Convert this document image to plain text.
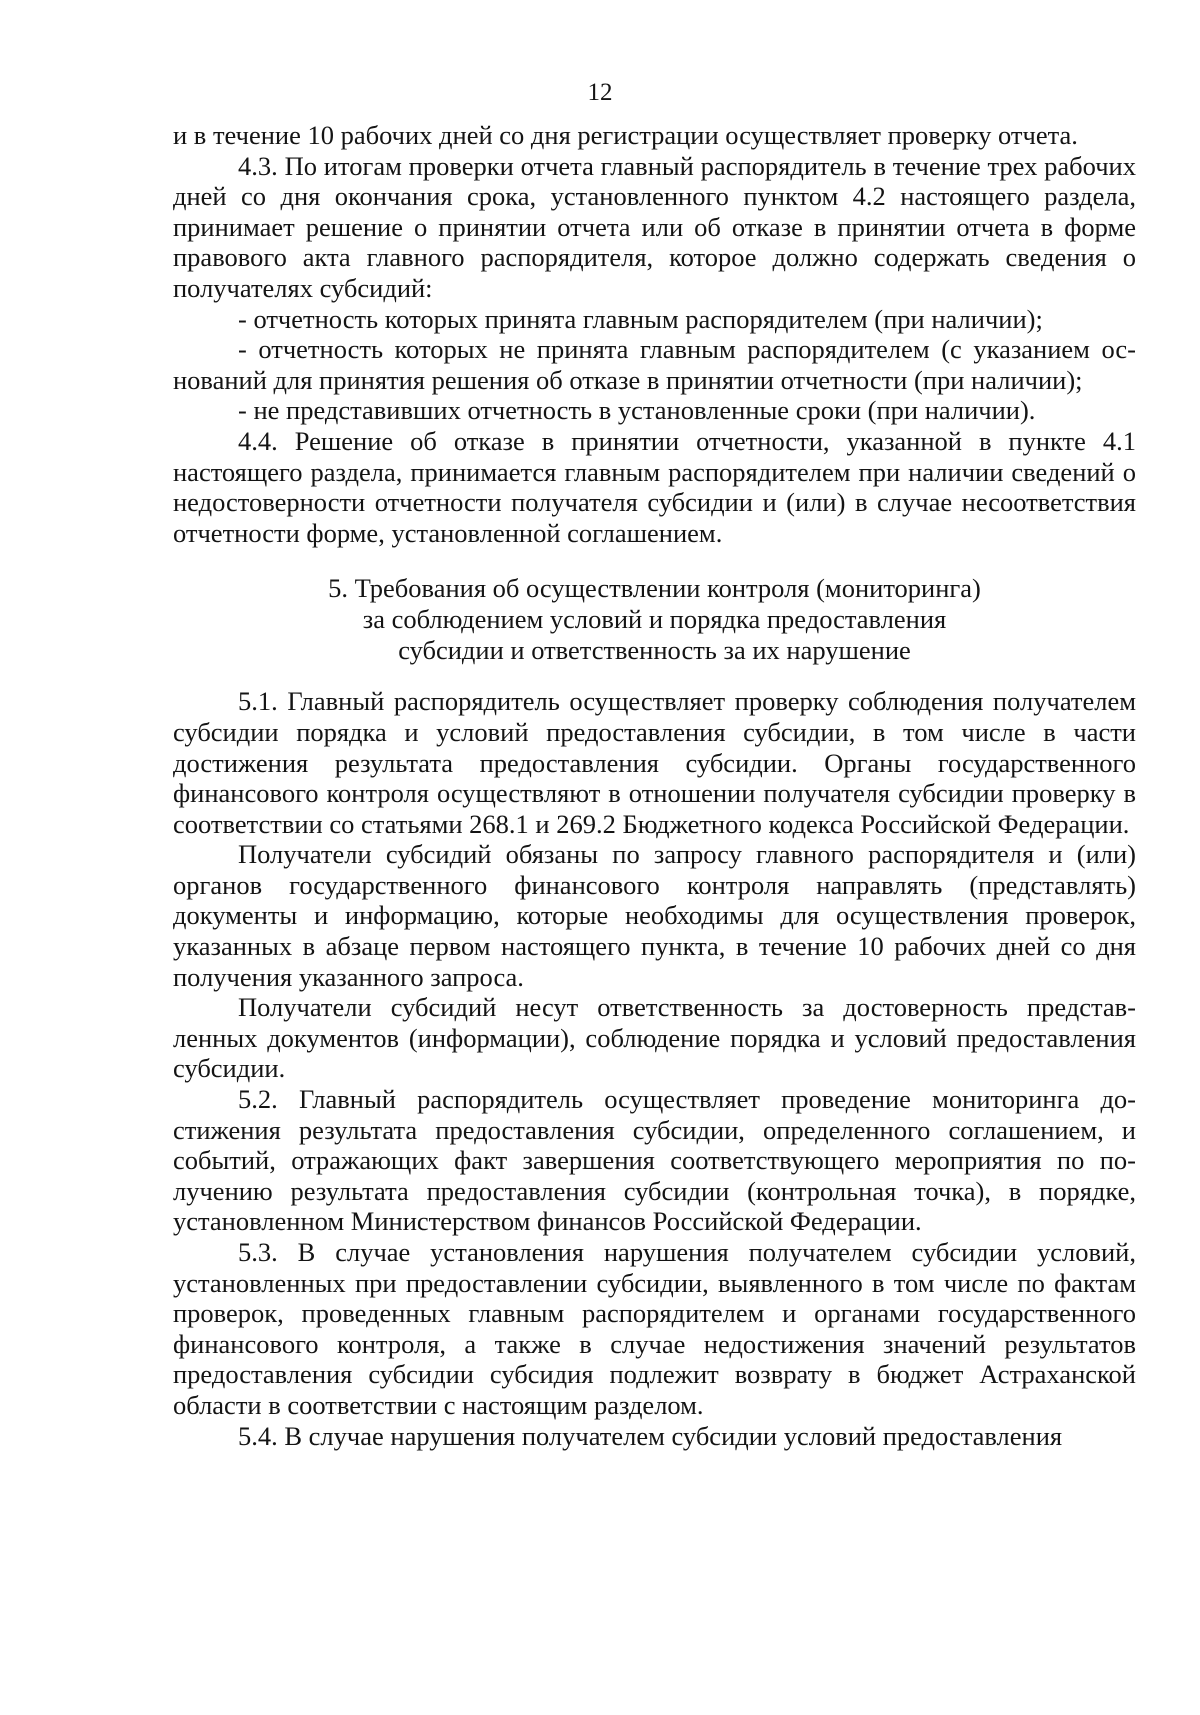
12

и в течение 10 рабочих дней со дня регистрации осуществляет проверку отчета.

4.3. По итогам проверки отчета главный распорядитель в течение трех рабочих дней со дня окончания срока, установленного пунктом 4.2 настоящего раздела, принимает решение о принятии отчета или об отказе в принятии отчета в форме правового акта главного распорядителя, которое должно содержать сведения о получателях субсидий:

- отчетность которых принята главным распорядителем (при наличии);

- отчетность которых не принята главным распорядителем (с указанием оснований для принятия решения об отказе в принятии отчетности (при наличии);

- не представивших отчетность в установленные сроки (при наличии).

4.4. Решение об отказе в принятии отчетности, указанной в пункте 4.1 настоящего раздела, принимается главным распорядителем при наличии сведений о недостоверности отчетности получателя субсидии и (или) в случае несоответствия отчетности форме, установленной соглашением.

5. Требования об осуществлении контроля (мониторинга)
за соблюдением условий и порядка предоставления
субсидии и ответственность за их нарушение

5.1. Главный распорядитель осуществляет проверку соблюдения получателем субсидии порядка и условий предоставления субсидии, в том числе в части достижения результата предоставления субсидии. Органы государственного финансового контроля осуществляют в отношении получателя субсидии проверку в соответствии со статьями 268.1 и 269.2 Бюджетного кодекса Российской Федерации.

Получатели субсидий обязаны по запросу главного распорядителя и (или) органов государственного финансового контроля направлять (представлять) документы и информацию, которые необходимы для осуществления проверок, указанных в абзаце первом настоящего пункта, в течение 10 рабочих дней со дня получения указанного запроса.

Получатели субсидий несут ответственность за достоверность представленных документов (информации), соблюдение порядка и условий предоставления субсидии.

5.2. Главный распорядитель осуществляет проведение мониторинга достижения результата предоставления субсидии, определенного соглашением, и событий, отражающих факт завершения соответствующего мероприятия по получению результата предоставления субсидии (контрольная точка), в порядке, установленном Министерством финансов Российской Федерации.

5.3. В случае установления нарушения получателем субсидии условий, установленных при предоставлении субсидии, выявленного в том числе по фактам проверок, проведенных главным распорядителем и органами государственного финансового контроля, а также в случае недостижения значений результатов предоставления субсидии субсидия подлежит возврату в бюджет Астраханской области в соответствии с настоящим разделом.

5.4. В случае нарушения получателем субсидии условий предоставления
